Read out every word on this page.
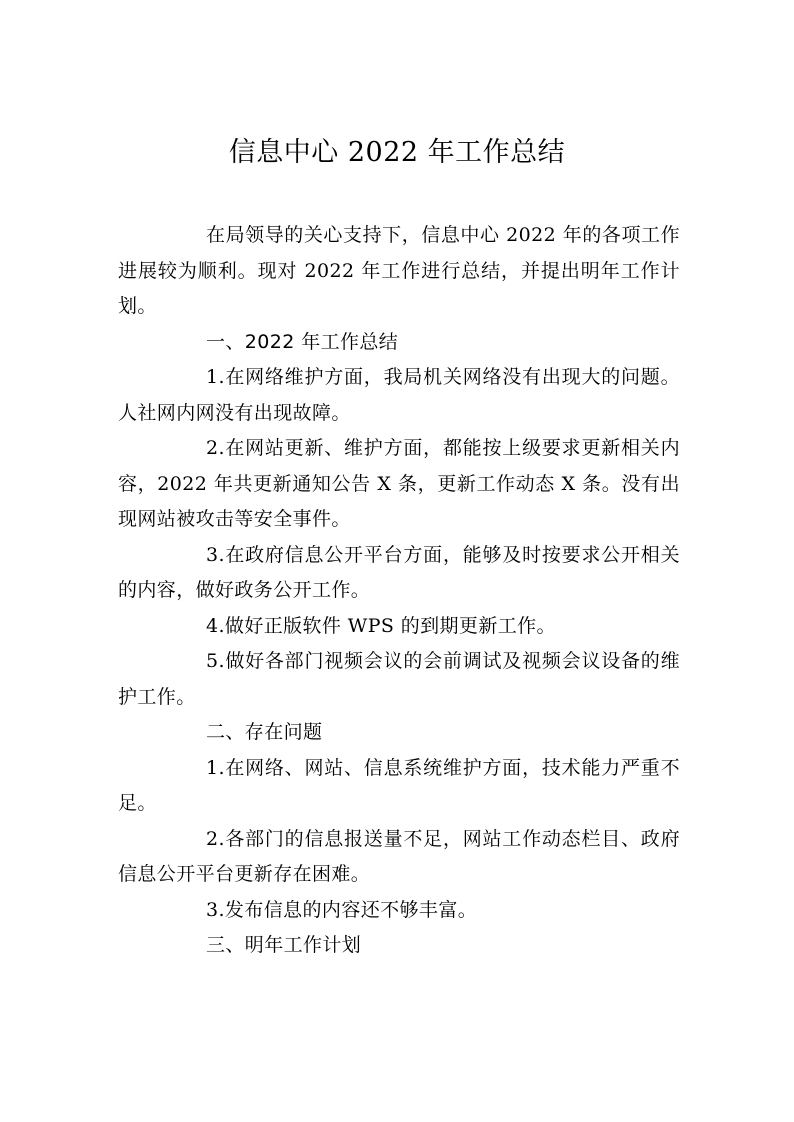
信息中心 2022 年工作总结

在局领导的关心支持下，信息中心 2022 年的各项工作进展较为顺利。现对 2022 年工作进行总结，并提出明年工作计划。

一、2022 年工作总结

1.在网络维护方面，我局机关网络没有出现大的问题。人社网内网没有出现故障。

2.在网站更新、维护方面，都能按上级要求更新相关内容，2022 年共更新通知公告 X 条，更新工作动态 X 条。没有出现网站被攻击等安全事件。

3.在政府信息公开平台方面，能够及时按要求公开相关的内容，做好政务公开工作。

4.做好正版软件 WPS 的到期更新工作。

5.做好各部门视频会议的会前调试及视频会议设备的维护工作。

二、存在问题

1.在网络、网站、信息系统维护方面，技术能力严重不足。

2.各部门的信息报送量不足，网站工作动态栏目、政府信息公开平台更新存在困难。

3.发布信息的内容还不够丰富。

三、明年工作计划
